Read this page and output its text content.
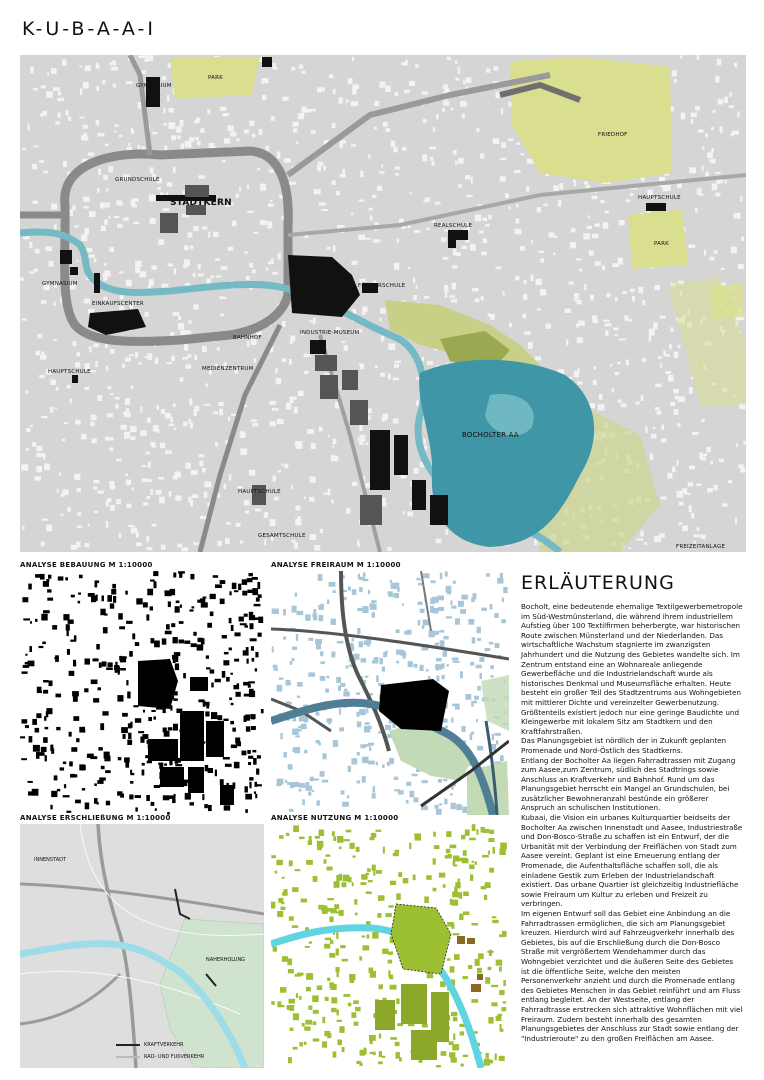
K-U-B-A-A-I
PARK
GYMNASIUM
FRIEDHOF
GRUNDSCHULE
STADTKERN	HAUPTSCHULE
REALSCHULE
PARK
GYMNASIUM	FÖRDERSCHULE
EINKAUFSCENTER
INDUSTRIE-MUSEUM
BAHNHOF
MEDIENZENTRUM
HAUPTSCHULE
BOCHOLTER AA
HAUPTSCHULE
GESAMTSCHULE
FREIZEITANLAGE
ANALYSE BEBAUUNG M 1:10000	ANALYSE FREIRAUM M 1:10000
ANALYSE ERSCHLIEßUNG M 1:10000
INNENSTADT
NAHERHOLUNG
KRAFTVERKEHR
RAD- UND FUßVERKEHR
ANALYSE NUTZUNG M 1:10000
ERLÄUTERUNG

Bocholt, eine bedeutende ehemalige Textilgewerbemetropole im Süd-Westmünsterland, die während ihrem industriellem Aufstieg über 100 Textilfirmen beherbergte, war historischen Route zwischen Münsterland und der Niederlanden. Das wirtschaftliche Wachstum stagnierte im zwanzigsten Jahrhundert und die Nutzung des Gebietes wandelte sich. Im Zentrum entstand eine an Wohnareale anliegende Gewerbefläche und die Industrielandschaft wurde als historisches Denkmal und Museumsfläche erhalten. Heute besteht ein großer Teil des Stadtzentrums aus Wohngebieten mit mittlerer Dichte und vereinzelter Gewerbenutzung.
Größtenteils existiert jedoch nur eine geringe Baudichte und Kleingewerbe mit lokalem Sitz am Stadtkern und den Kraftfahrstraßen.
Das Planungsgebiet ist nördlich der in Zukunft geplanten Promenade und Nord-Östlich des Stadtkerns.
Entlang der Bocholter Aa liegen Fahrradtrassen mit Zugang zum Aasee,zum Zentrum, südlich des Stadtrings sowie Anschluss an Kraftverkehr und Bahnhof. Rund um das Planungsgebiet herrscht ein Mangel an Grundschulen, bei zusätzlicher Bewohneranzahl bestünde ein größerer Anspruch an schulischen Institutionen.
Kubaai, die Vision ein urbanes Kulturquartier beidseits der Bocholter Aa zwischen Innenstadt und Aasee, Industriestraße und Don-Bosco-Straße zu schaffen ist ein Entwurf, der die Urbanität mit der Verbindung der Freiflächen von Stadt zum Aasee vereint. Geplant ist eine Erneuerung entlang der Promenade, die Aufenthaltsfläche schaffen soll, die als einladene Gestik zum Erleben der Industrielandschaft existiert. Das urbane Quartier ist gleichzeitig Industriefläche sowie Freiraum um Kultur zu erleben und Freizeit zu verbringen.
Im eigenen Entwurf soll das Gebiet eine Anbindung an die Fahrradtrassen ermöglichen, die sich am Planungsgebiet kreuzen. Hierdurch wird auf Fahrzeugverkehr innerhalb des Gebietes, bis auf die Erschließung durch die Don-Bosco Straße mit vergrößertem Wendehammer durch das Wohngebiet verzichtet und die äußeren Seite des Gebietes ist die öffentliche Seite, welche den meisten Personenverkehr anzieht und durch die Promenade entlang des Gebietes Menschen in das Gebiet reinführt und am Fluss entlang begleitet. An der Westseite, entlang der Fahrradtrasse erstrecken sich attraktive Wohnflächen mit viel Freiraum. Zudem besteht innerhalb des gesamten Planungsgebietes der Anschluss zur Stadt sowie entlang der "Industrieroute" zu den großen Freiflächen am Aasee.
